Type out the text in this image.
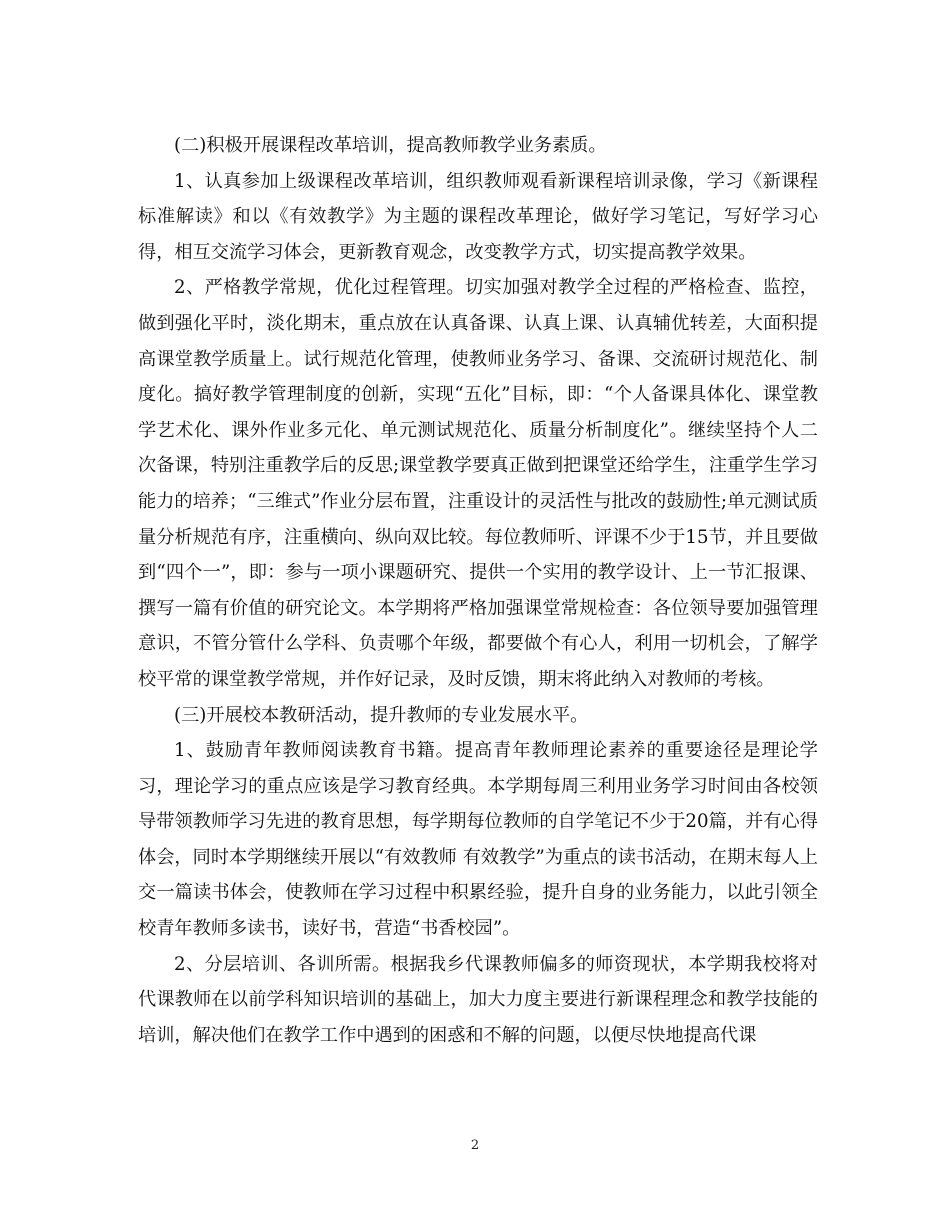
(二)积极开展课程改革培训，提高教师教学业务素质。

1、认真参加上级课程改革培训，组织教师观看新课程培训录像，学习《新课程标准解读》和以《有效教学》为主题的课程改革理论，做好学习笔记，写好学习心得，相互交流学习体会，更新教育观念，改变教学方式，切实提高教学效果。

2、严格教学常规，优化过程管理。切实加强对教学全过程的严格检查、监控，做到强化平时，淡化期末，重点放在认真备课、认真上课、认真辅优转差，大面积提高课堂教学质量上。试行规范化管理，使教师业务学习、备课、交流研讨规范化、制度化。搞好教学管理制度的创新，实现“五化”目标，即：“个人备课具体化、课堂教学艺术化、课外作业多元化、单元测试规范化、质量分析制度化”。继续坚持个人二次备课，特别注重教学后的反思;课堂教学要真正做到把课堂还给学生，注重学生学习能力的培养；“三维式”作业分层布置，注重设计的灵活性与批改的鼓励性;单元测试质量分析规范有序，注重横向、纵向双比较。每位教师听、评课不少于15节，并且要做到“四个一”，即：参与一项小课题研究、提供一个实用的教学设计、上一节汇报课、撰写一篇有价值的研究论文。本学期将严格加强课堂常规检查：各位领导要加强管理意识，不管分管什么学科、负责哪个年级，都要做个有心人，利用一切机会，了解学校平常的课堂教学常规，并作好记录，及时反馈，期末将此纳入对教师的考核。

(三)开展校本教研活动，提升教师的专业发展水平。

1、鼓励青年教师阅读教育书籍。提高青年教师理论素养的重要途径是理论学习，理论学习的重点应该是学习教育经典。本学期每周三利用业务学习时间由各校领导带领教师学习先进的教育思想，每学期每位教师的自学笔记不少于20篇，并有心得体会，同时本学期继续开展以“有效教师 有效教学”为重点的读书活动，在期末每人上交一篇读书体会，使教师在学习过程中积累经验，提升自身的业务能力，以此引领全校青年教师多读书，读好书，营造“书香校园”。

2、分层培训、各训所需。根据我乡代课教师偏多的师资现状，本学期我校将对代课教师在以前学科知识培训的基础上，加大力度主要进行新课程理念和教学技能的培训，解决他们在教学工作中遇到的困惑和不解的问题，以便尽快地提高代课

2
